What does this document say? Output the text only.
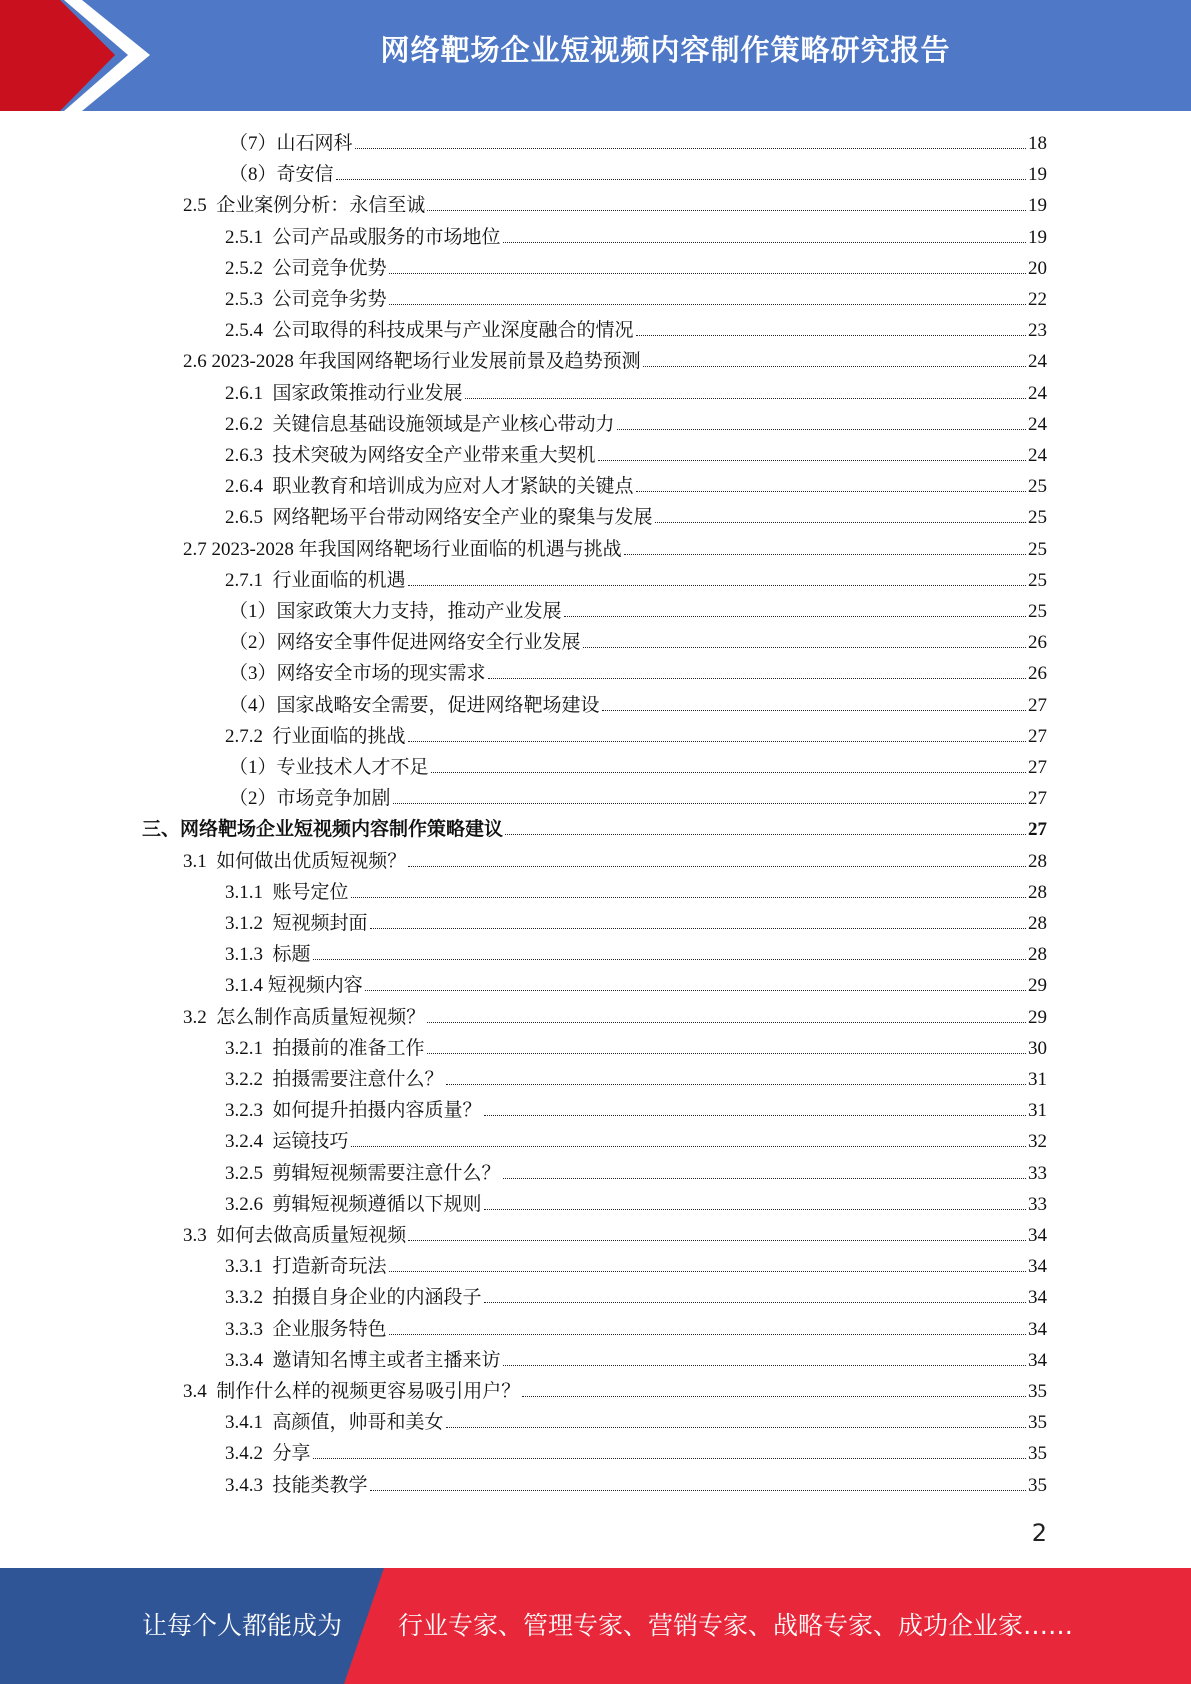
网络靶场企业短视频内容制作策略研究报告
（7） 山石网科	18
（8） 奇安信	19
2.5 企业案例分析：永信至诚	19
2.5.1 公司产品或服务的市场地位	19
2.5.2 公司竞争优势	20
2.5.3 公司竞争劣势	22
2.5.4 公司取得的科技成果与产业深度融合的情况	23
2.6 2023-2028 年我国网络靶场行业发展前景及趋势预测	24
2.6.1 国家政策推动行业发展	24
2.6.2 关键信息基础设施领域是产业核心带动力	24
2.6.3 技术突破为网络安全产业带来重大契机	24
2.6.4 职业教育和培训成为应对人才紧缺的关键点	25
2.6.5 网络靶场平台带动网络安全产业的聚集与发展	25
2.7 2023-2028 年我国网络靶场行业面临的机遇与挑战	25
2.7.1 行业面临的机遇	25
（1） 国家政策大力支持，推动产业发展	25
（2） 网络安全事件促进网络安全行业发展	26
（3） 网络安全市场的现实需求	26
（4） 国家战略安全需要，促进网络靶场建设	27
2.7.2 行业面临的挑战	27
（1） 专业技术人才不足	27
（2） 市场竞争加剧	27
三、 网络靶场企业短视频内容制作策略建议	27
3.1 如何做出优质短视频？	28
3.1.1 账号定位	28
3.1.2 短视频封面	28
3.1.3 标题	28
3.1.4 短视频内容	29
3.2 怎么制作高质量短视频？	29
3.2.1 拍摄前的准备工作	30
3.2.2 拍摄需要注意什么？	31
3.2.3 如何提升拍摄内容质量？	31
3.2.4 运镜技巧	32
3.2.5 剪辑短视频需要注意什么？	33
3.2.6 剪辑短视频遵循以下规则	33
3.3 如何去做高质量短视频	34
3.3.1 打造新奇玩法	34
3.3.2 拍摄自身企业的内涵段子	34
3.3.3 企业服务特色	34
3.3.4 邀请知名博主或者主播来访	34
3.4 制作什么样的视频更容易吸引用户？	35
3.4.1 高颜值，帅哥和美女	35
3.4.2 分享	35
3.4.3 技能类教学	35
2
让每个人都能成为 行业专家、管理专家、营销专家、战略专家、成功企业家……
